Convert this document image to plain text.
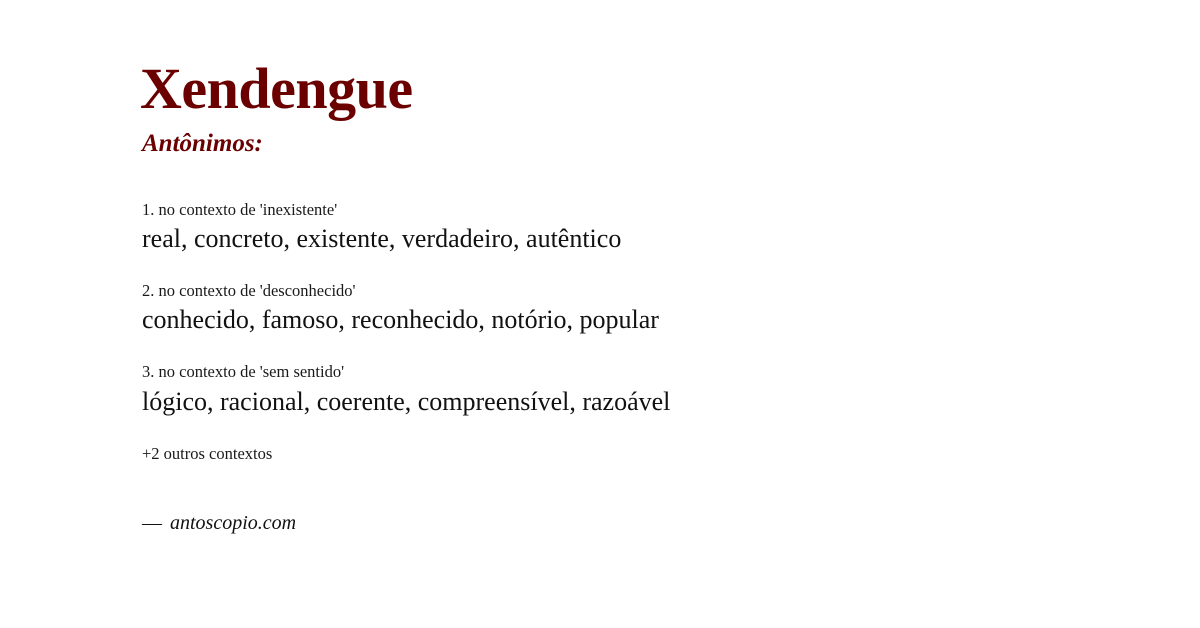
Xendengue
Antônimos:
1. no contexto de 'inexistente'
real, concreto, existente, verdadeiro, autêntico
2. no contexto de 'desconhecido'
conhecido, famoso, reconhecido, notório, popular
3. no contexto de 'sem sentido'
lógico, racional, coerente, compreensível, razoável
+2 outros contextos
— antoscopio.com
